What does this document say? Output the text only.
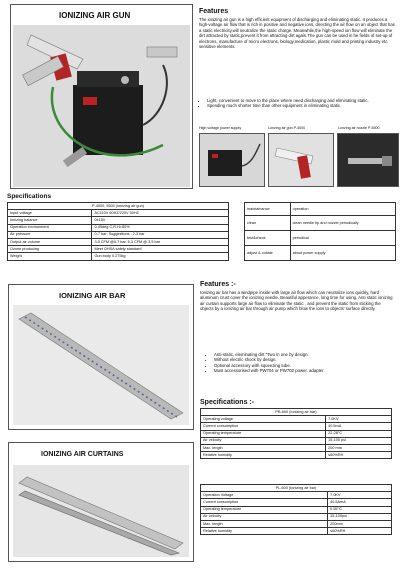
IONIZING AIR GUN	Features
The ionizing air gun is a high efficient equipment of discharging and eliminating static. It produces a high-voltage air flow that is rich in positive and negative ions, directing the air flow on an object that has a static electricity,will neutralize the static charge. Meanwhile,the high-speed ion flow will eliminate the dirt attracted by static,prevent it from attracting dirt again.The gun can be used in he fields of set-up of electrons, manufacture of micro electrons, biology,medication, plastic mold and printing industry etc. sensitive elements.
• Light, convenient to move to the place where need discharging and eliminating static.
• Spending much shorter time than other equipment in eliminating static.
High voltage power supply	Lonzing air gun P-4000	Lonzing air nozzle P-5500
Specifications
P-4000, 5500 (ionizing air gun)	
Input voltage	AC110V 60HZ/220V 50HZ
Ionizing balance	0±15V
Operation environment	0-45deg C,R.H<80%
Air pressure	0-7 bar; Suggestions : 2-3 bar
Output air volume	3.5 CFM @0.7 bar, 5.3 CFM @ 3.5 bar
Ozone producing	Meet OHSA safety standard
Weight	Gun body 0.275kg
maintainance	operation
clean	clean needle tip and nozzle periodically
test&check	periodical
adjust & collate	about power supply
IONIZING AIR BAR
IONIZING AIR CURTAINS
Features :-
Ionizing air bar has a windpipe inside with large air flow which can neutralize ions quickly, hard aluminum crust cover the ionizing needle. Beautiful apperance, long time for using. Anti static ionizing air curtain supports large air flow to eliminate the static , and prevent the static from sticking the objects by a ionizing air bar through air pump which blow the ions to objects' surface directly.
• Anti-static, eleminating dirt "Two in one by design.
• Without electric shock by design.
• Optional accessory with squeezing tube.
• Must accessorised with PW704 or PW702 power. adapter.
Specifications :-
PB-600 (Ionizing air bar)	
Operating voltage	7.0KV
Current consumption	40.5mA
Operating temperature	22-28°C
Air velocity	15-100 psi
Max. length	200 mm
Relative humidity	≤60%RH
PL-600 (Ionizing air bar)	
Operation Voltage	7.0KV
Current consumption	40.5AmA
Operating temperature	0.55°C
Air velocity	15-100psi
Max. length	200mm
Relative humidity	≤60%RH
